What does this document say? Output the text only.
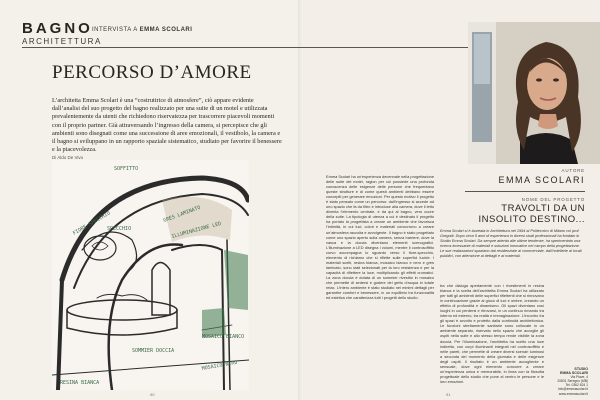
BAGNO INTERVISTA A EMMA SCOLARI
ARCHITETTURA
PERCORSO D’AMORE
L’architetta Emma Scolari è una “costruttrice di atmosfere”, ciò appare evidente dall’analisi del suo progetto del bagno realizzato per una suite di un motel e utilizzata prevalentemente da utenti che richiedono riservatezza per trascorrere piacevoli momenti con il proprio partner. Già attraversando l’ingresso della camera, si percepisce che gli ambienti sono disegnati come una successione di aree emozionali, il vestibolo, la camera e il bagno si sviluppano in un rapporto spaziale sistematico, studiato per favorire il benessere e la piacevolezza.
Di Aldo De Vivo
SOFFITTO
FIORE SPECCHIO
SPECCHIO
GRES LAMINATO
ILLUMINAZIONE LED
MOSAICO BIANCO
SOMMIER DOCCIA
MOSAICO NERO
RESINA BIANCA
90	91
AUTORE
EMMA SCOLARI
NOME DEL PROGETTO
TRAVOLTI DA UN
INSOLITO DESTINO...
Emma Scolari si è laureata in Architettura nel 1994 al Politecnico di Milano col prof. Gregotti. Dopo circa 5 anni di esperienza in diversi studi professionali ha fondato lo Studio Emma Scolari. Da sempre attenta alle ultime tendenze, ha sperimentato una ricerca incessante di materiali e soluzioni innovative nel campo della progettazione. Le sue realizzazioni spaziano dal residenziale al commerciale, dall’hotellerie ai locali pubblici, con attenzione ai dettagli e ai materiali.

Emma Scolari ha un’esperienza decennale nella progettazione delle suite dei motel, ragion per cui possiede una profonda conoscenza delle esigenze delle persone che frequentano queste strutture e di come questi ambienti debbano essere concepiti per generare emozioni. Per questo motivo il progetto è stato pensato come un percorso: dall’ingresso si accede ad uno spazio che fa da filtro e introduce alla camera, dove il letto diventa l’elemento centrale, e da qui al bagno, vero cuore della suite. La tipologia di utenza a cui è destinato il progetto ha portato la progettista a creare un ambiente che favorisca l’intimità, in cui luci, colori e materiali concorrono a creare un’atmosfera raccolta e avvolgente. Il bagno è stato progettato come uno spazio aperto sulla camera, senza barriere, dove la vasca e la doccia diventano elementi scenografici. L’illuminazione a LED disegna i volumi, mentre il controsoffitto curvo accompagna lo sguardo verso il fiore-specchio, elemento di richiamo che si riflette sulle superfici lucide. I materiali scelti, resina bianca, mosaico bianco e nero e gres laminato, sono stati selezionati per la loro resistenza e per la capacità di riflettere la luce, moltiplicando gli effetti cromatici. La zona doccia è dotata di un sommier rivestito in mosaico che permette di sedersi e godere del getto d’acqua in totale relax. L’intero ambiente è stato studiato nei minimi dettagli per garantire comfort e benessere, in un equilibrio tra funzionalità ed estetica che caratterizza tutti i progetti dello studio.

tra che dialoga apertamente con i rivestimenti in resina bianca e la scelta dell’architetta Emma Scolari ha utilizzato per tutti gli ambienti delle superfici riflettenti che si rinnovano in continuazione grazie al gioco di luci e ombre, creando un effetto di profondità e dinamismo. Gli spazi diventano così luoghi in cui perdersi e ritrovarsi, in un continuo rimando tra interno ed esterno, tra realtà e immaginazione. L’incontro tra gli spazi è avvolto e protetto dalla continuità architettonica. Le funzioni strettamente sanitarie sono collocate in un ambiente separato, riservato nello spazio che accoglie gli ospiti nella suite e allo stesso tempo rende visibile la zona doccia. Per l’illuminazione, l’architetta ha scelto una luce indiretta, con corpi illuminanti integrati nel controsoffitto e nelle pareti, che permette di creare diversi scenari luminosi a seconda del momento della giornata e delle esigenze degli ospiti. Il risultato è un ambiente accogliente e sensuale, dove ogni elemento concorre a creare un’esperienza unica e memorabile, in linea con la filosofia progettuale dello studio che pone al centro le persone e le loro emozioni.

STUDIO
EMMA SCOLARI
Via Piave, 4
20831 Seregno (MB)
Tel. 0362 624 1
info@emmascolari.it
www.emmascolari.it
